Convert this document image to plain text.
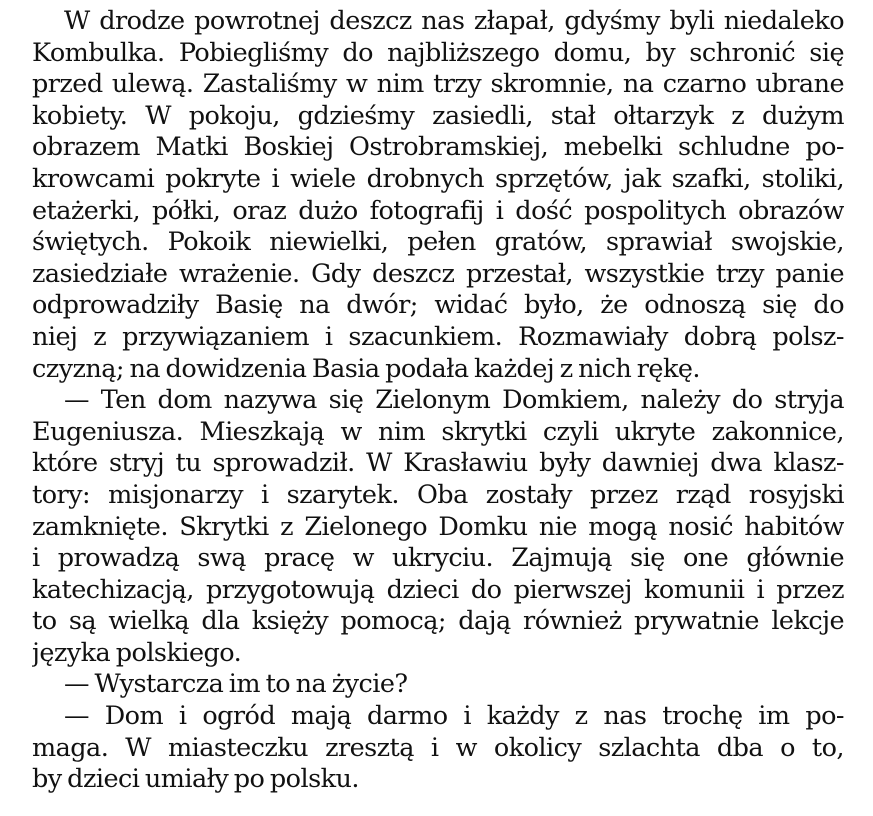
W drodze powrotnej deszcz nas złapał, gdyśmy byli niedaleko
Kombulka. Pobiegliśmy do najbliższego domu, by schronić się
przed ulewą. Zastaliśmy w nim trzy skromnie, na czarno ubrane
kobiety. W pokoju, gdzieśmy zasiedli, stał ołtarzyk z dużym
obrazem Matki Boskiej Ostrobramskiej, mebelki schludne po-
krowcami pokryte i wiele drobnych sprzętów, jak szafki, stoliki,
etażerki, półki, oraz dużo fotografij i dość pospolitych obrazów
świętych. Pokoik niewielki, pełen gratów, sprawiał swojskie,
zasiedziałe wrażenie. Gdy deszcz przestał, wszystkie trzy panie
odprowadziły Basię na dwór; widać było, że odnoszą się do
niej z przywiązaniem i szacunkiem. Rozmawiały dobrą polsz-
czyzną; na dowidzenia Basia podała każdej z nich rękę.

— Ten dom nazywa się Zielonym Domkiem, należy do stryja
Eugeniusza. Mieszkają w nim skrytki czyli ukryte zakonnice,
które stryj tu sprowadził. W Krasławiu były dawniej dwa klasz-
tory: misjonarzy i szarytek. Oba zostały przez rząd rosyjski
zamknięte. Skrytki z Zielonego Domku nie mogą nosić habitów
i prowadzą swą pracę w ukryciu. Zajmują się one głównie
katechizacją, przygotowują dzieci do pierwszej komunii i przez
to są wielką dla księży pomocą; dają również prywatnie lekcje
języka polskiego.

— Wystarcza im to na życie?

— Dom i ogród mają darmo i każdy z nas trochę im po-
maga. W miasteczku zresztą i w okolicy szlachta dba o to,
by dzieci umiały po polsku.
